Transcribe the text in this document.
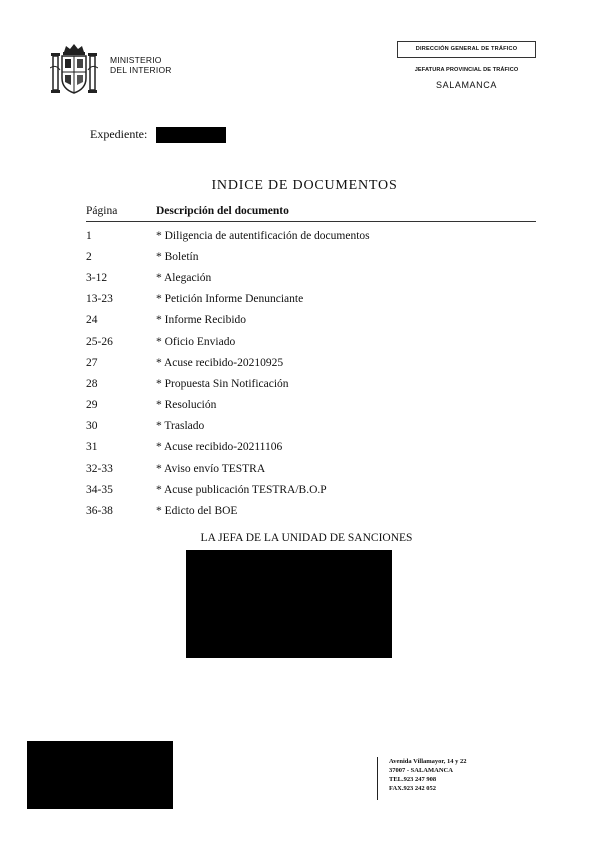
MINISTERIO
DEL INTERIOR
DIRECCIÓN GENERAL DE TRÁFICO
JEFATURA PROVINCIAL DE TRÁFICO
SALAMANCA
Expediente:
INDICE DE DOCUMENTOS
Página	Descripción del documento
1	* Diligencia de autentificación de documentos
2	* Boletín
3-12	* Alegación
13-23	* Petición Informe Denunciante
24	* Informe Recibido
25-26	* Oficio Enviado
27	* Acuse recibido-20210925
28	* Propuesta Sin Notificación
29	* Resolución
30	* Traslado
31	* Acuse recibido-20211106
32-33	* Aviso envío TESTRA
34-35	* Acuse publicación TESTRA/B.O.P
36-38	* Edicto del BOE
LA JEFA DE LA UNIDAD DE SANCIONES
Avenida Villamayor, 14 y 22
37007 - SALAMANCA
TEL.923 247 908
FAX.923 242 052
